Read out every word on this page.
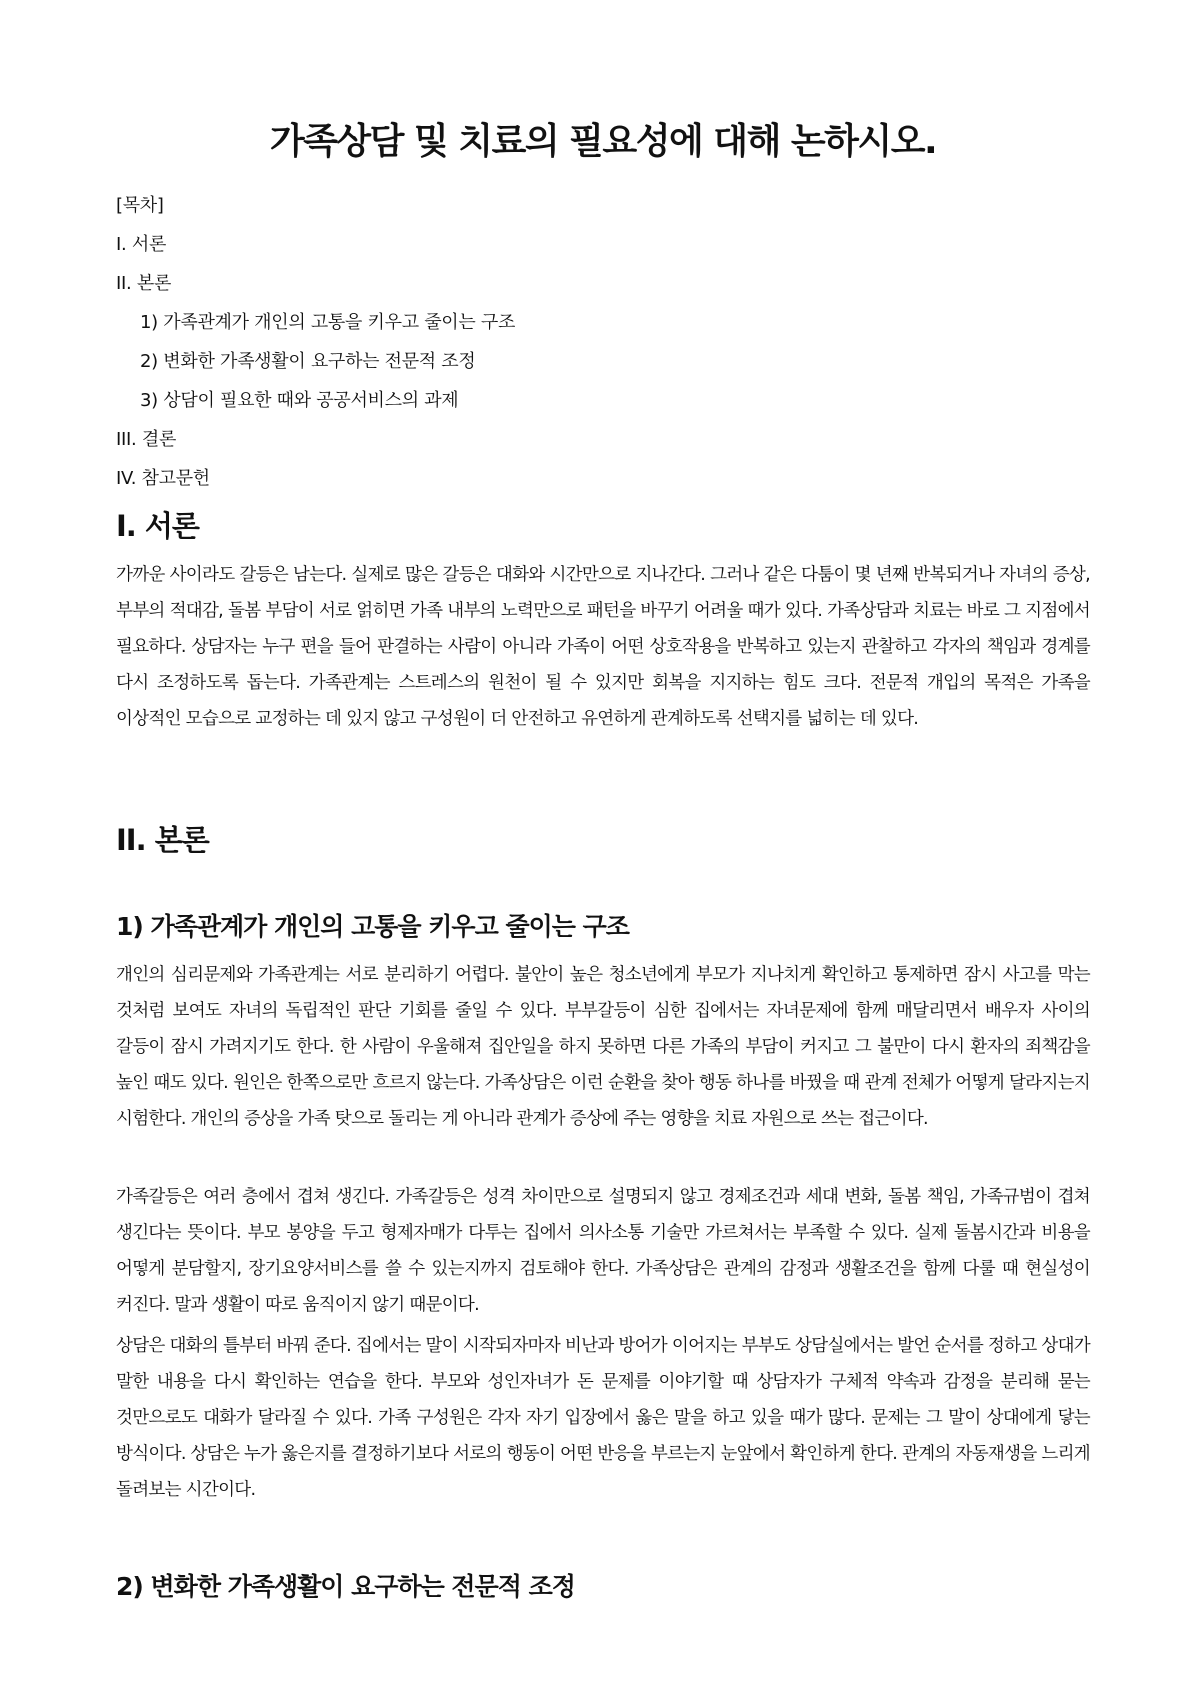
가족상담 및 치료의 필요성에 대해 논하시오.
[목차]
I. 서론
II. 본론
1) 가족관계가 개인의 고통을 키우고 줄이는 구조
2) 변화한 가족생활이 요구하는 전문적 조정
3) 상담이 필요한 때와 공공서비스의 과제
III. 결론
IV. 참고문헌
I. 서론

가까운 사이라도 갈등은 남는다. 실제로 많은 갈등은 대화와 시간만으로 지나간다. 그러나 같은 다툼이 몇 년째 반복되거나 자녀의 증상, 부부의 적대감, 돌봄 부담이 서로 얽히면 가족 내부의 노력만으로 패턴을 바꾸기 어려울 때가 있다. 가족상담과 치료는 바로 그 지점에서 필요하다. 상담자는 누구 편을 들어 판결하는 사람이 아니라 가족이 어떤 상호작용을 반복하고 있는지 관찰하고 각자의 책임과 경계를 다시 조정하도록 돕는다. 가족관계는 스트레스의 원천이 될 수 있지만 회복을 지지하는 힘도 크다. 전문적 개입의 목적은 가족을 이상적인 모습으로 교정하는 데 있지 않고 구성원이 더 안전하고 유연하게 관계하도록 선택지를 넓히는 데 있다.

II. 본론
1) 가족관계가 개인의 고통을 키우고 줄이는 구조

개인의 심리문제와 가족관계는 서로 분리하기 어렵다. 불안이 높은 청소년에게 부모가 지나치게 확인하고 통제하면 잠시 사고를 막는 것처럼 보여도 자녀의 독립적인 판단 기회를 줄일 수 있다. 부부갈등이 심한 집에서는 자녀문제에 함께 매달리면서 배우자 사이의 갈등이 잠시 가려지기도 한다. 한 사람이 우울해져 집안일을 하지 못하면 다른 가족의 부담이 커지고 그 불만이 다시 환자의 죄책감을 높인 때도 있다. 원인은 한쪽으로만 흐르지 않는다. 가족상담은 이런 순환을 찾아 행동 하나를 바꿨을 때 관계 전체가 어떻게 달라지는지 시험한다. 개인의 증상을 가족 탓으로 돌리는 게 아니라 관계가 증상에 주는 영향을 치료 자원으로 쓰는 접근이다.

가족갈등은 여러 층에서 겹쳐 생긴다. 가족갈등은 성격 차이만으로 설명되지 않고 경제조건과 세대 변화, 돌봄 책임, 가족규범이 겹쳐 생긴다는 뜻이다. 부모 봉양을 두고 형제자매가 다투는 집에서 의사소통 기술만 가르쳐서는 부족할 수 있다. 실제 돌봄시간과 비용을 어떻게 분담할지, 장기요양서비스를 쓸 수 있는지까지 검토해야 한다. 가족상담은 관계의 감정과 생활조건을 함께 다룰 때 현실성이 커진다. 말과 생활이 따로 움직이지 않기 때문이다.

상담은 대화의 틀부터 바꿔 준다. 집에서는 말이 시작되자마자 비난과 방어가 이어지는 부부도 상담실에서는 발언 순서를 정하고 상대가 말한 내용을 다시 확인하는 연습을 한다. 부모와 성인자녀가 돈 문제를 이야기할 때 상담자가 구체적 약속과 감정을 분리해 묻는 것만으로도 대화가 달라질 수 있다. 가족 구성원은 각자 자기 입장에서 옳은 말을 하고 있을 때가 많다. 문제는 그 말이 상대에게 닿는 방식이다. 상담은 누가 옳은지를 결정하기보다 서로의 행동이 어떤 반응을 부르는지 눈앞에서 확인하게 한다. 관계의 자동재생을 느리게 돌려보는 시간이다.

2) 변화한 가족생활이 요구하는 전문적 조정
